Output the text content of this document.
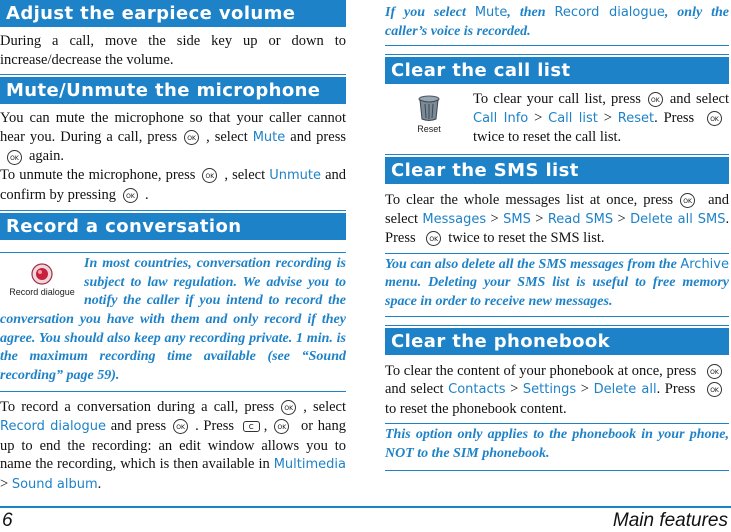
Adjust the earpiece volume

During a call, move the side key up or down to increase/decrease the volume.

Mute/Unmute the microphone

You can mute the microphone so that your caller cannot hear you. During a call, press OK , select Mute and pressOK again.

To unmute the microphone, press OK , select Unmute and confirm by pressing OK .

Record a conversation
Record dialogue

In most countries, conversation recording is subject to law regulation. We advise you to notify the caller if you intend to record the conversation you have with them and only record if they agree. You should also keep any recording private. 1 min. is the maximum recording time available (see “Sound recording” page 59).

To record a conversation during a call, press OK , select Record dialogue and press OK . Press C , OK or hang up to end the recording: an edit window allows you to name the recording, which is then available in Multimedia > Sound album.

If you select Mute, then Record dialogue, only the caller’s voice is recorded.

Clear the call list
Reset

To clear your call list, press OK and select Call Info > Call list > Reset. Press	OKtwice to reset the call list.

Clear the SMS list

To clear the whole messages list at once, press OK and select Messages > SMS > Read SMS > Delete all SMS. Press OK twice to reset the SMS list.

You can also delete all the SMS messages from the Archive menu. Deleting your SMS list is useful to free memory space in order to receive new messages.

Clear the phonebook

To clear the content of your phonebook at once, press OKand select Contacts > Settings > Delete all. Press OKto reset the phonebook content.

This option only applies to the phonebook in your phone, NOT to the SIM phonebook.

6	Main features
